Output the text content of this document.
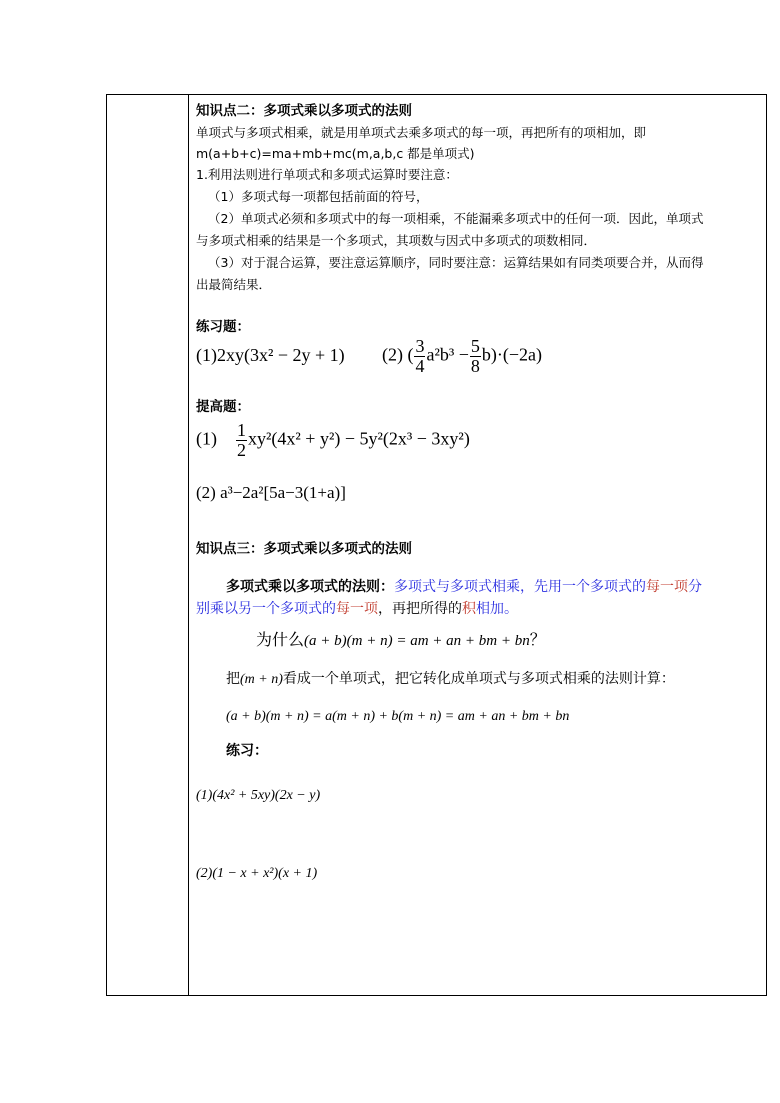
知识点二：多项式乘以多项式的法则
单项式与多项式相乘，就是用单项式去乘多项式的每一项，再把所有的项相加，即
m(a+b+c)=ma+mb+mc(m,a,b,c 都是单项式)
1.利用法则进行单项式和多项式运算时要注意：
（1）多项式每一项都包括前面的符号，
（2）单项式必须和多项式中的每一项相乘，不能漏乘多项式中的任何一项．因此，单项式
与多项式相乘的结果是一个多项式，其项数与因式中多项式的项数相同．
（3）对于混合运算，要注意运算顺序，同时要注意：运算结果如有同类项要合并，从而得
出最简结果．
练习题：
(1)2xy(3x² − 2y + 1) (2) ( $\frac{3}{4} a^2b^3 - \frac{5}{8} b)\cdot(-2a)$
提高题：
$(1) \frac{1}{2} xy^2(4x^2 + y^2) - 5y^2(2x^3 - 3xy^2)$
(2) a³−2a²[5a−3(1+a)]
知识点三：多项式乘以多项式的法则
多项式乘以多项式的法则：多项式与多项式相乘，先用一个多项式的每一项分
别乘以另一个多项式的每一项，再把所得的积相加。
为什么(a + b)(m + n) = am + an + bm + bn？
把(m + n)看成一个单项式，把它转化成单项式与多项式相乘的法则计算：
(a + b)(m + n) = a(m + n) + b(m + n) = am + an + bm + bn
练习：
(1)(4x² + 5xy)(2x − y)
(2)(1 − x + x²)(x + 1)
